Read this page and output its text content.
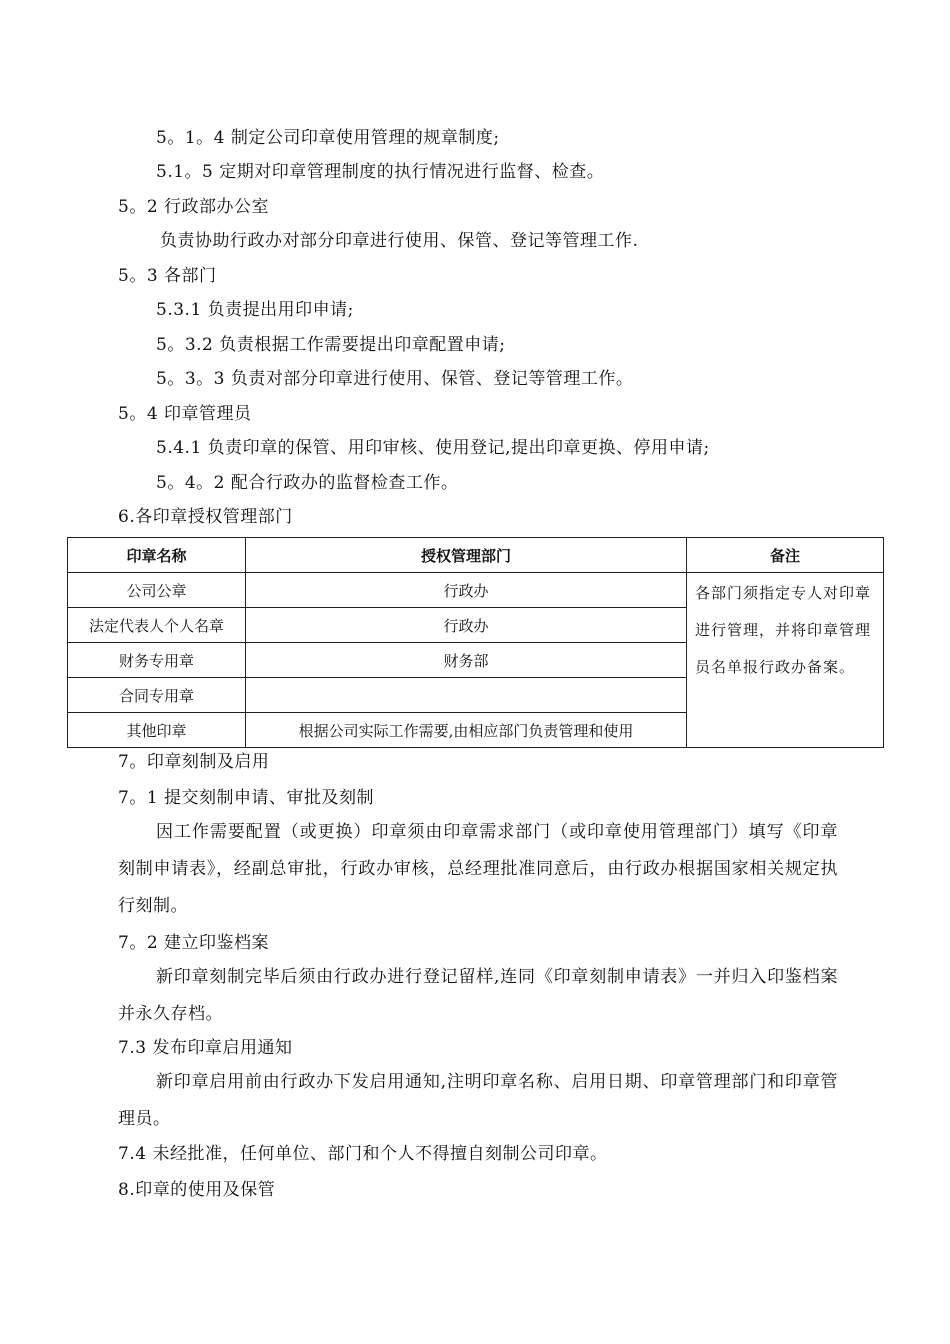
5。1。4 制定公司印章使用管理的规章制度;
5.1。5 定期对印章管理制度的执行情况进行监督、检查。
5。2 行政部办公室
负责协助行政办对部分印章进行使用、保管、登记等管理工作.
5。3 各部门
5.3.1 负责提出用印申请;
5。3.2 负责根据工作需要提出印章配置申请;
5。3。3 负责对部分印章进行使用、保管、登记等管理工作。
5。4 印章管理员
5.4.1 负责印章的保管、用印审核、使用登记,提出印章更换、停用申请;
5。4。2 配合行政办的监督检查工作。
6.各印章授权管理部门
印章名称	授权管理部门	备注
公司公章	行政办	各部门须指定专人对印章进行管理，并将印章管理员名单报行政办备案。
法定代表人个人名章	行政办	
财务专用章	财务部	
合同专用章		
其他印章	根据公司实际工作需要,由相应部门负责管理和使用	
7。印章刻制及启用
7。1 提交刻制申请、审批及刻制
因工作需要配置（或更换）印章须由印章需求部门（或印章使用管理部门）填写《印章刻制申请表》，经副总审批，行政办审核，总经理批准同意后，由行政办根据国家相关规定执行刻制。
7。2 建立印鉴档案
新印章刻制完毕后须由行政办进行登记留样,连同《印章刻制申请表》一并归入印鉴档案并永久存档。
7.3 发布印章启用通知
新印章启用前由行政办下发启用通知,注明印章名称、启用日期、印章管理部门和印章管理员。
7.4 未经批准，任何单位、部门和个人不得擅自刻制公司印章。
8.印章的使用及保管
